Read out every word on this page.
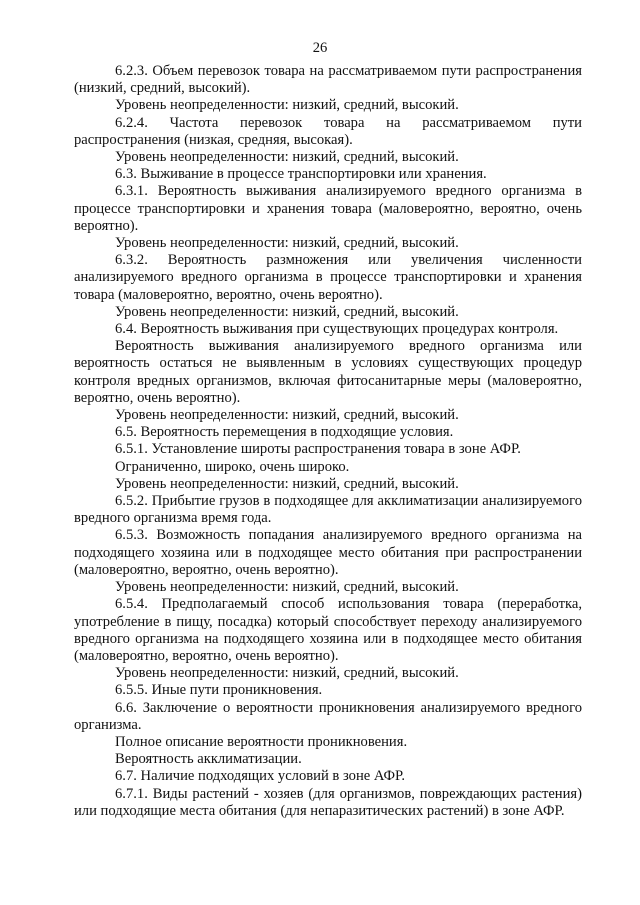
26

6.2.3. Объем перевозок товара на рассматриваемом пути распространения (низкий, средний, высокий).

Уровень неопределенности: низкий, средний, высокий.

6.2.4. Частота перевозок товара на рассматриваемом пути распространения (низкая, средняя, высокая).

Уровень неопределенности: низкий, средний, высокий.

6.3. Выживание в процессе транспортировки или хранения.

6.3.1. Вероятность выживания анализируемого вредного организма в процессе транспортировки и хранения товара (маловероятно, вероятно, очень вероятно).

Уровень неопределенности: низкий, средний, высокий.

6.3.2. Вероятность размножения или увеличения численности анализируемого вредного организма в процессе транспортировки и хранения товара (маловероятно, вероятно, очень вероятно).

Уровень неопределенности: низкий, средний, высокий.

6.4. Вероятность выживания при существующих процедурах контроля.

Вероятность выживания анализируемого вредного организма или вероятность остаться не выявленным в условиях существующих процедур контроля вредных организмов, включая фитосанитарные меры (маловероятно, вероятно, очень вероятно).

Уровень неопределенности: низкий, средний, высокий.

6.5. Вероятность перемещения в подходящие условия.

6.5.1. Установление широты распространения товара в зоне АФР.

Ограниченно, широко, очень широко.

Уровень неопределенности: низкий, средний, высокий.

6.5.2. Прибытие грузов в подходящее для акклиматизации анализируемого вредного организма время года.

6.5.3. Возможность попадания анализируемого вредного организма на подходящего хозяина или в подходящее место обитания при распространении (маловероятно, вероятно, очень вероятно).

Уровень неопределенности: низкий, средний, высокий.

6.5.4. Предполагаемый способ использования товара (переработка, употребление в пищу, посадка) который способствует переходу анализируемого вредного организма на подходящего хозяина или в подходящее место обитания (маловероятно, вероятно, очень вероятно).

Уровень неопределенности: низкий, средний, высокий.

6.5.5. Иные пути проникновения.

6.6. Заключение о вероятности проникновения анализируемого вредного организма.

Полное описание вероятности проникновения.

Вероятность акклиматизации.

6.7. Наличие подходящих условий в зоне АФР.

6.7.1. Виды растений - хозяев (для организмов, повреждающих растения) или подходящие места обитания (для непаразитических растений) в зоне АФР.
